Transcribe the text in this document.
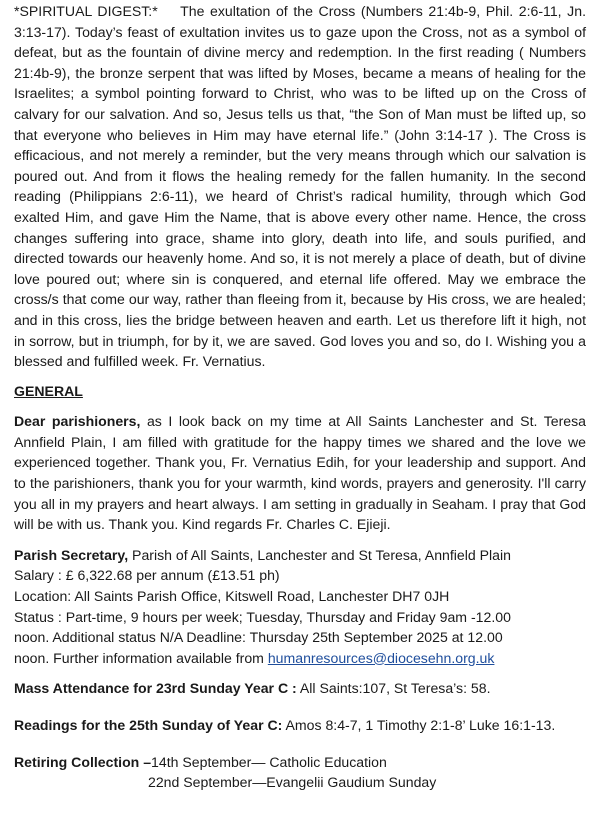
*SPIRITUAL DIGEST:* The exultation of the Cross (Numbers 21:4b-9, Phil. 2:6-11, Jn. 3:13-17). Today’s feast of exultation invites us to gaze upon the Cross, not as a symbol of defeat, but as the fountain of divine mercy and redemption. In the first reading ( Numbers 21:4b-9), the bronze serpent that was lifted by Moses, became a means of healing for the Israelites; a symbol pointing forward to Christ, who was to be lifted up on the Cross of calvary for our salvation. And so, Jesus tells us that, “the Son of Man must be lifted up, so that everyone who believes in Him may have eternal life.” (John 3:14-17 ). The Cross is efficacious, and not merely a reminder, but the very means through which our salvation is poured out. And from it flows the healing remedy for the fallen humanity. In the second reading (Philippians 2:6-11), we heard of Christ’s radical humility, through which God exalted Him, and gave Him the Name, that is above every other name. Hence, the cross changes suffering into grace, shame into glory, death into life, and souls purified, and directed towards our heavenly home. And so, it is not merely a place of death, but of divine love poured out; where sin is conquered, and eternal life offered. May we embrace the cross/s that come our way, rather than fleeing from it, because by His cross, we are healed; and in this cross, lies the bridge between heaven and earth. Let us therefore lift it high, not in sorrow, but in triumph, for by it, we are saved. God loves you and so, do I. Wishing you a blessed and fulfilled week. Fr. Vernatius.

GENERAL

Dear parishioners, as I look back on my time at All Saints Lanchester and St. Teresa Annfield Plain, I am filled with gratitude for the happy times we shared and the love we experienced together. Thank you, Fr. Vernatius Edih, for your leadership and support. And to the parishioners, thank you for your warmth, kind words, prayers and generosity. I'll carry you all in my prayers and heart always. I am setting in gradually in Seaham. I pray that God will be with us. Thank you. Kind regards Fr. Charles C. Ejieji.

Parish Secretary, Parish of All Saints, Lanchester and St Teresa, Annfield Plain

Salary : £ 6,322.68 per annum (£13.51 ph)

Location: All Saints Parish Office, Kitswell Road, Lanchester DH7 0JH

Status : Part-time, 9 hours per week; Tuesday, Thursday and Friday 9am -12.00

noon. Additional status N/A Deadline: Thursday 25th September 2025 at 12.00

noon. Further information available from humanresources@diocesehn.org.uk

Mass Attendance for 23rd Sunday Year C : All Saints:107, St Teresa’s: 58.

Readings for the 25th Sunday of Year C: Amos 8:4-7, 1 Timothy 2:1-8’ Luke 16:1-13.

Retiring Collection –14th September— Catholic Education

22nd September—Evangelii Gaudium Sunday
